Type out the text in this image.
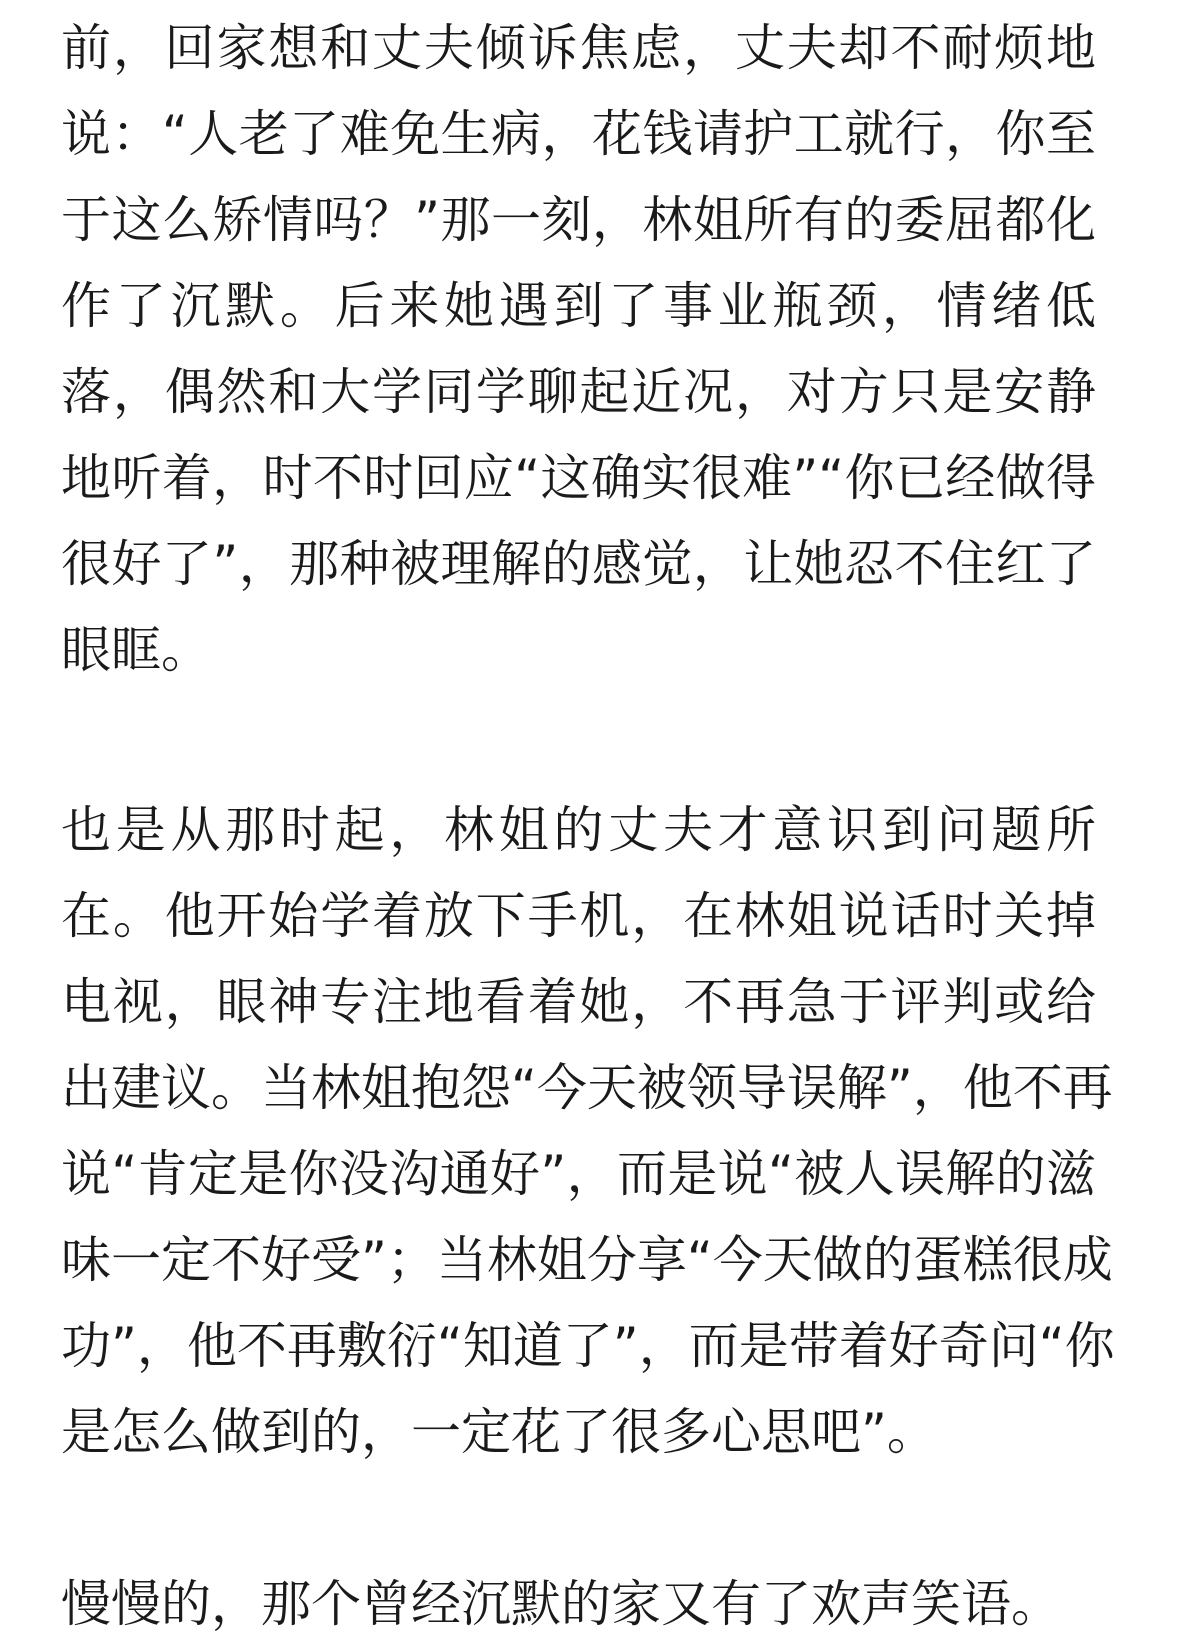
前，回家想和丈夫倾诉焦虑，丈夫却不耐烦地
说：“人老了难免生病，花钱请护工就行，你至
于这么矫情吗？”那一刻，林姐所有的委屈都化
作了沉默。后来她遇到了事业瓶颈，情绪低
落，偶然和大学同学聊起近况，对方只是安静
地听着，时不时回应“这确实很难”“你已经做得
很好了”，那种被理解的感觉，让她忍不住红了
眼眶。
也是从那时起，林姐的丈夫才意识到问题所
在。他开始学着放下手机，在林姐说话时关掉
电视，眼神专注地看着她，不再急于评判或给
出建议。当林姐抱怨“今天被领导误解”，他不再
说“肯定是你没沟通好”，而是说“被人误解的滋
味一定不好受”；当林姐分享“今天做的蛋糕很成
功”，他不再敷衍“知道了”，而是带着好奇问“你
是怎么做到的，一定花了很多心思吧”。
慢慢的，那个曾经沉默的家又有了欢声笑语。
